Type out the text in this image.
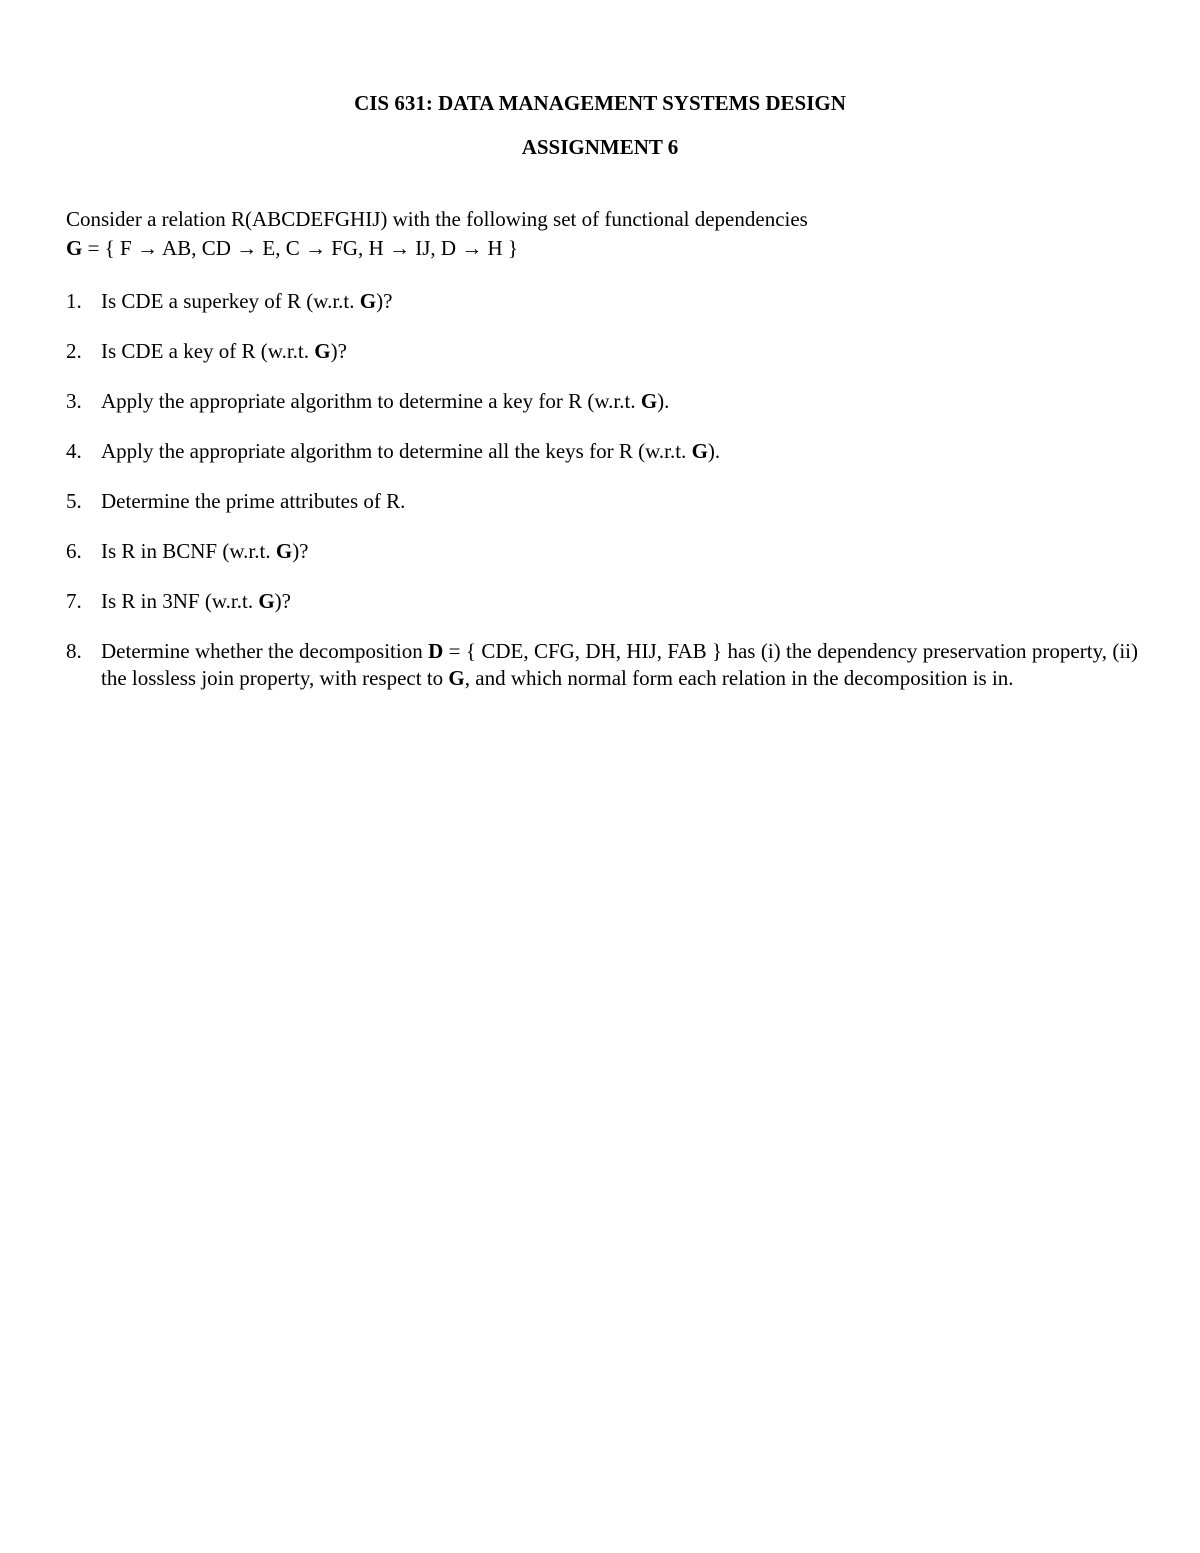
CIS 631: DATA MANAGEMENT SYSTEMS DESIGN
ASSIGNMENT 6
Consider a relation R(ABCDEFGHIJ) with the following set of functional dependencies
G = { F → AB, CD → E, C → FG, H → IJ, D → H }
1. Is CDE a superkey of R (w.r.t. G)?
2. Is CDE a key of R (w.r.t. G)?
3. Apply the appropriate algorithm to determine a key for R (w.r.t. G).
4. Apply the appropriate algorithm to determine all the keys for R (w.r.t. G).
5. Determine the prime attributes of R.
6. Is R in BCNF (w.r.t. G)?
7. Is R in 3NF (w.r.t. G)?
8. Determine whether the decomposition D = { CDE, CFG, DH, HIJ, FAB } has (i) the dependency preservation property, (ii) the lossless join property, with respect to G, and which normal form each relation in the decomposition is in.
